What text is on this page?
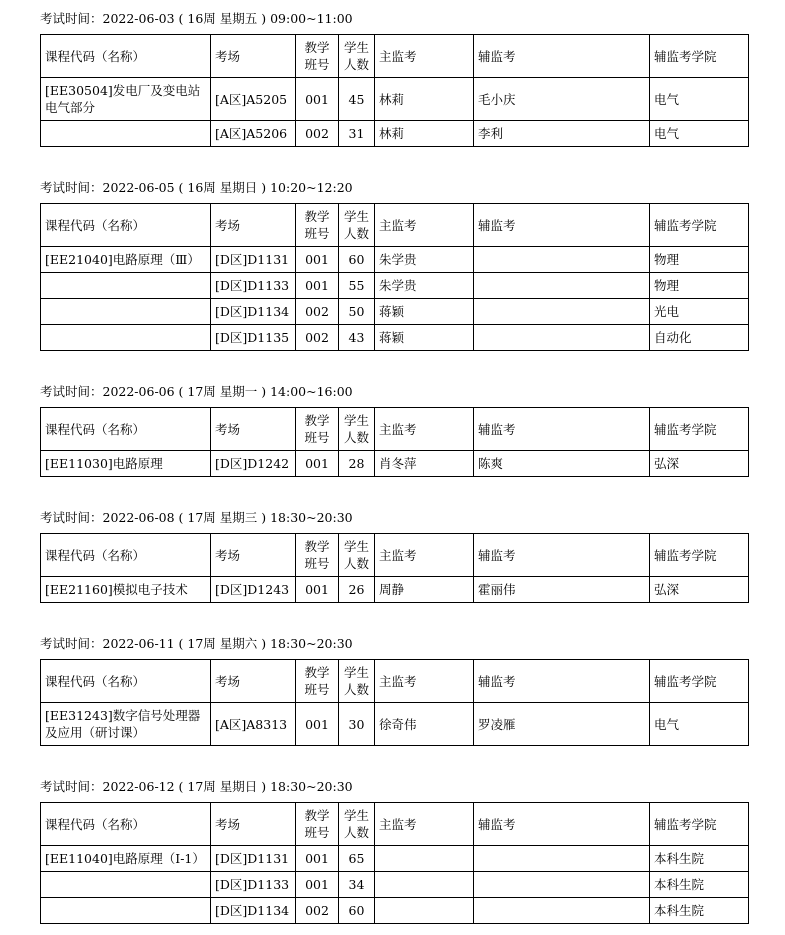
考试时间：2022-06-03 ( 16周 星期五 ) 09:00~11:00
课程代码（名称）	考场	教学班号	学生人数	主监考	辅监考	辅监考学院
[EE30504]发电厂及变电站电气部分	[A区]A5205	001	45	林莉	毛小庆	电气
	[A区]A5206	002	31	林莉	李利	电气
考试时间：2022-06-05 ( 16周 星期日 ) 10:20~12:20
课程代码（名称）	考场	教学班号	学生人数	主监考	辅监考	辅监考学院
[EE21040]电路原理（Ⅲ）	[D区]D1131	001	60	朱学贵		物理
	[D区]D1133	001	55	朱学贵		物理
	[D区]D1134	002	50	蒋颖		光电
	[D区]D1135	002	43	蒋颖		自动化
考试时间：2022-06-06 ( 17周 星期一 ) 14:00~16:00
课程代码（名称）	考场	教学班号	学生人数	主监考	辅监考	辅监考学院
[EE11030]电路原理	[D区]D1242	001	28	肖冬萍	陈爽	弘深
考试时间：2022-06-08 ( 17周 星期三 ) 18:30~20:30
课程代码（名称）	考场	教学班号	学生人数	主监考	辅监考	辅监考学院
[EE21160]模拟电子技术	[D区]D1243	001	26	周静	霍丽伟	弘深
考试时间：2022-06-11 ( 17周 星期六 ) 18:30~20:30
课程代码（名称）	考场	教学班号	学生人数	主监考	辅监考	辅监考学院
[EE31243]数字信号处理器及应用（研讨课）	[A区]A8313	001	30	徐奇伟	罗凌雁	电气
考试时间：2022-06-12 ( 17周 星期日 ) 18:30~20:30
课程代码（名称）	考场	教学班号	学生人数	主监考	辅监考	辅监考学院
[EE11040]电路原理（I-1）	[D区]D1131	001	65			本科生院
	[D区]D1133	001	34			本科生院
	[D区]D1134	002	60			本科生院
